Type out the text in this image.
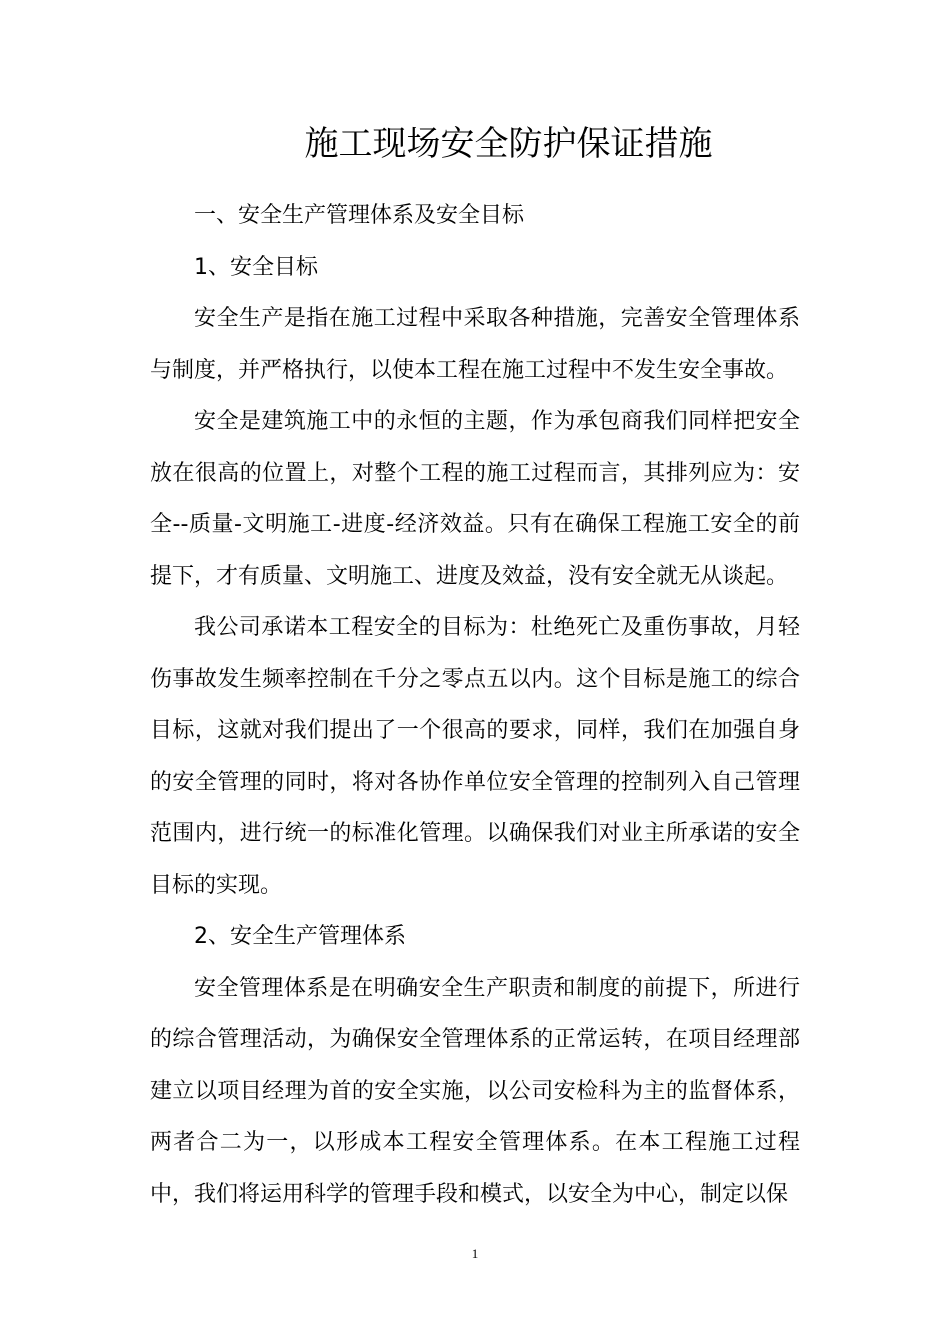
施工现场安全防护保证措施

一、安全生产管理体系及安全目标

1、安全目标

安全生产是指在施工过程中采取各种措施，完善安全管理体系与制度，并严格执行，以使本工程在施工过程中不发生安全事故。

安全是建筑施工中的永恒的主题，作为承包商我们同样把安全放在很高的位置上，对整个工程的施工过程而言，其排列应为：安全--质量-文明施工-进度-经济效益。只有在确保工程施工安全的前提下，才有质量、文明施工、进度及效益，没有安全就无从谈起。

我公司承诺本工程安全的目标为：杜绝死亡及重伤事故，月轻伤事故发生频率控制在千分之零点五以内。这个目标是施工的综合目标，这就对我们提出了一个很高的要求，同样，我们在加强自身的安全管理的同时，将对各协作单位安全管理的控制列入自己管理范围内，进行统一的标准化管理。以确保我们对业主所承诺的安全目标的实现。

2、安全生产管理体系

安全管理体系是在明确安全生产职责和制度的前提下，所进行的综合管理活动，为确保安全管理体系的正常运转，在项目经理部建立以项目经理为首的安全实施，以公司安检科为主的监督体系，两者合二为一，以形成本工程安全管理体系。在本工程施工过程中，我们将运用科学的管理手段和模式，以安全为中心，制定以保

1
